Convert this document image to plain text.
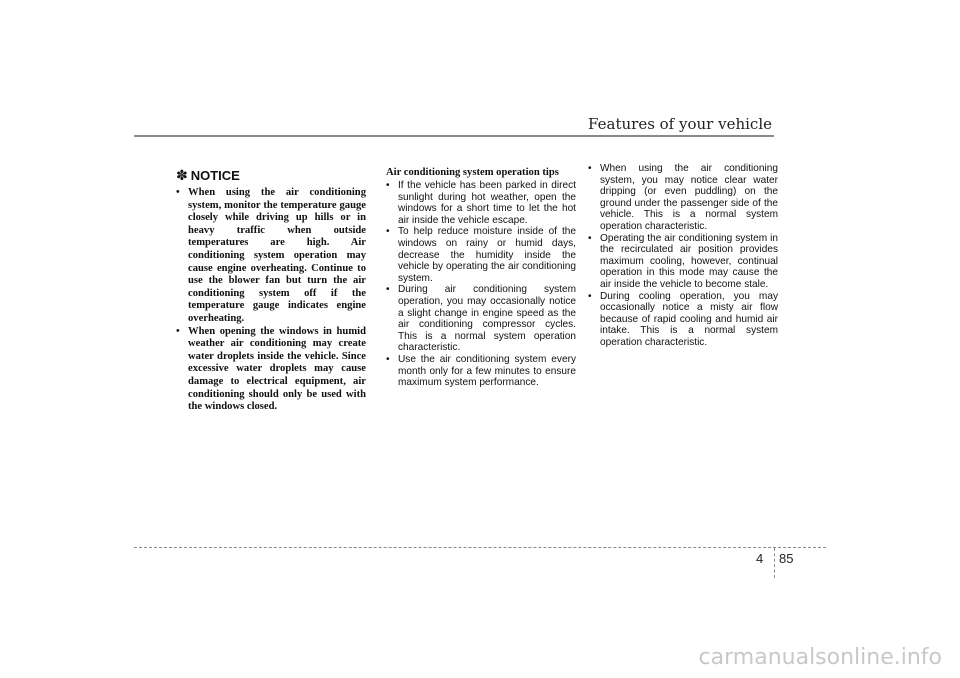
Features of your vehicle
✽ NOTICE
• When using the air conditioning system, monitor the temperature gauge closely while driving up hills or in heavy traffic when outside temperatures are high. Air conditioning system operation may cause engine overheating. Continue to use the blower fan but turn the air conditioning system off if the temperature gauge indicates engine overheating.
• When opening the windows in humid weather air conditioning may create water droplets inside the vehicle. Since excessive water droplets may cause damage to electrical equipment, air conditioning should only be used with the windows closed.
Air conditioning system operation tips
• If the vehicle has been parked in direct sunlight during hot weather, open the windows for a short time to let the hot air inside the vehicle escape.
• To help reduce moisture inside of the windows on rainy or humid days, decrease the humidity inside the vehicle by operating the air conditioning system.
• During air conditioning system operation, you may occasionally notice a slight change in engine speed as the air conditioning compressor cycles. This is a normal system operation characteristic.
• Use the air conditioning system every month only for a few minutes to ensure maximum system performance.
• When using the air conditioning system, you may notice clear water dripping (or even puddling) on the ground under the passenger side of the vehicle. This is a normal system operation characteristic.
• Operating the air conditioning system in the recirculated air position provides maximum cooling, however, continual operation in this mode may cause the air inside the vehicle to become stale.
• During cooling operation, you may occasionally notice a misty air flow because of rapid cooling and humid air intake. This is a normal system operation characteristic.
4 85
carmanualsonline.info
